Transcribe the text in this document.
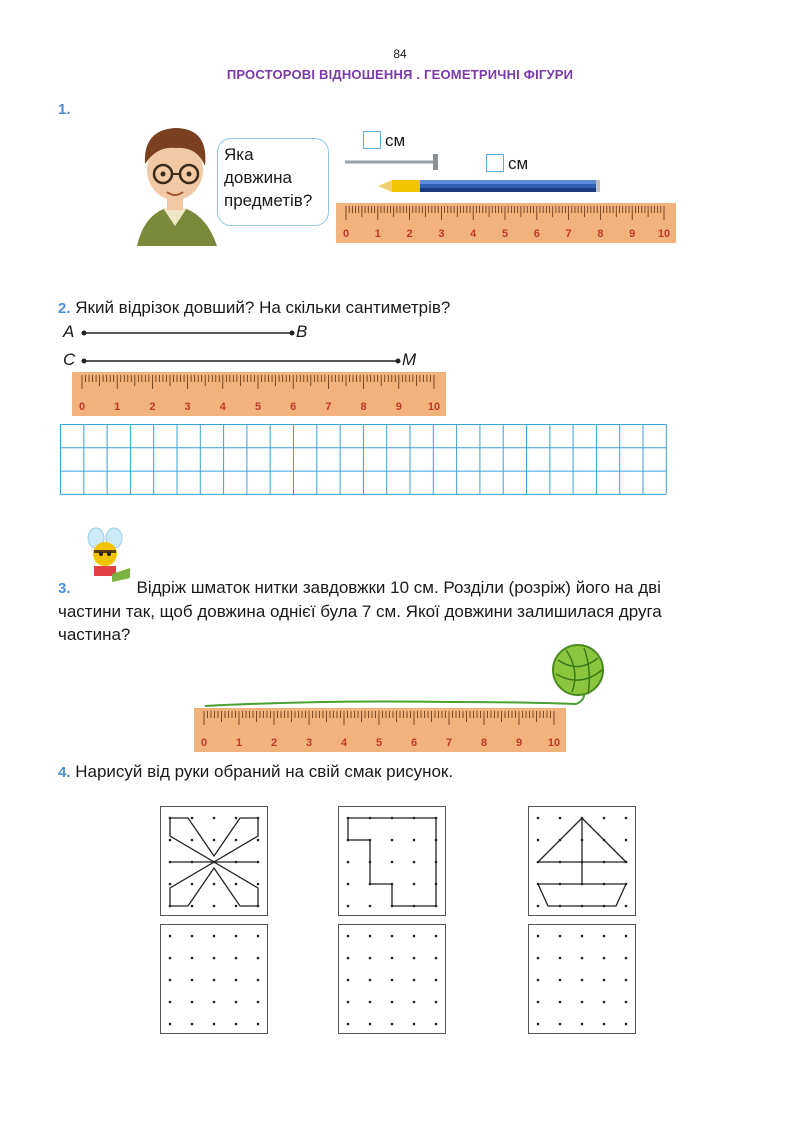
84
ПРОСТОРОВІ ВІДНОШЕННЯ . ГЕОМЕТРИЧНІ ФІГУРИ
1.
Яка
довжина
предметів?
см
см
0 1 2 3 4 5 6 7 8 9 10
2. Який відрізок довший? На скільки сантиметрів?
A	B
C	M
0	1	2	3	4	5	6	7	8	9 10
3.	Відріж шматок нитки завдовжки 10 см. Розділи (розріж) його на дві
частини так, щоб довжина однієї була 7 см. Якої довжини залишилася друга
частина?
0	1	2	3	4	5	6	7	8	9 10
4. Нарисуй від руки обраний на свій смак рисунок.
